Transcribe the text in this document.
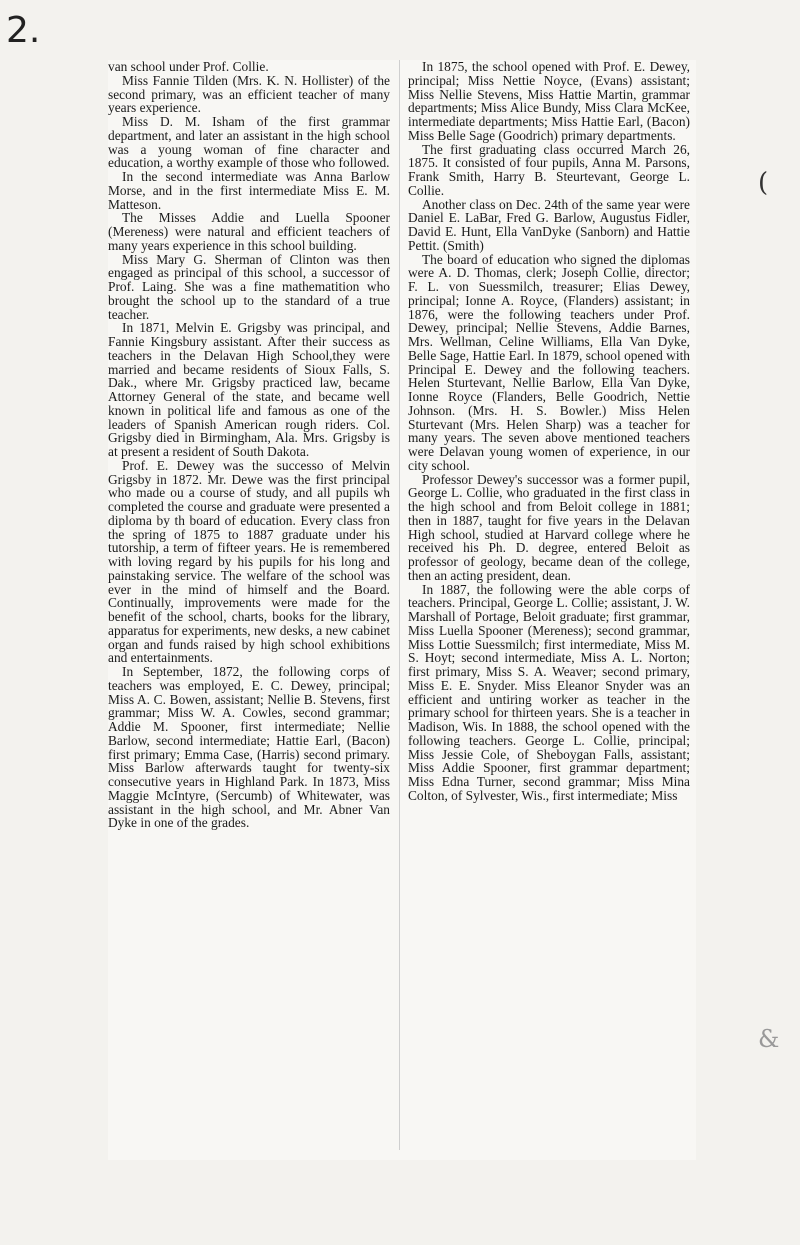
2.

van school under Prof. Collie.

Miss Fannie Tilden (Mrs. K. N. Hollister) of the second primary, was an efficient teacher of many years experience.

Miss D. M. Isham of the first grammar department, and later an assistant in the high school was a young woman of fine character and education, a worthy example of those who followed.

In the second intermediate was Anna Barlow Morse, and in the first intermediate Miss E. M. Matteson.

The Misses Addie and Luella Spooner (Mereness) were natural and efficient teachers of many years experience in this school building.

Miss Mary G. Sherman of Clinton was then engaged as principal of this school, a successor of Prof. Laing. She was a fine mathematition who brought the school up to the standard of a true teacher.

In 1871, Melvin E. Grigsby was principal, and Fannie Kingsbury assistant. After their success as teachers in the Delavan High School,they were married and became residents of Sioux Falls, S. Dak., where Mr. Grigsby practiced law, became Attorney General of the state, and became well known in political life and famous as one of the leaders of Spanish American rough riders. Col. Grigsby died in Birmingham, Ala. Mrs. Grigsby is at present a resident of South Dakota.

Prof. E. Dewey was the successo of Melvin Grigsby in 1872. Mr. Dewe was the first principal who made ou a course of study, and all pupils wh completed the course and graduate were presented a diploma by th board of education. Every class fron the spring of 1875 to 1887 graduate under his tutorship, a term of fifteer years. He is remembered with loving regard by his pupils for his long and painstaking service. The welfare of the school was ever in the mind of himself and the Board. Continually, improvements were made for the benefit of the school, charts, books for the library, apparatus for experiments, new desks, a new cabinet organ and funds raised by high school exhibitions and entertainments.

In September, 1872, the following corps of teachers was employed, E. C. Dewey, principal; Miss A. C. Bowen, assistant; Nellie B. Stevens, first grammar; Miss W. A. Cowles, second grammar; Addie M. Spooner, first intermediate; Nellie Barlow, second intermediate; Hattie Earl, (Bacon) first primary; Emma Case, (Harris) second primary. Miss Barlow afterwards taught for twenty-six consecutive years in Highland Park. In 1873, Miss Maggie McIntyre, (Sercumb) of Whitewater, was assistant in the high school, and Mr. Abner Van Dyke in one of the grades.

In 1875, the school opened with Prof. E. Dewey, principal; Miss Nettie Noyce, (Evans) assistant; Miss Nellie Stevens, Miss Hattie Martin, grammar departments; Miss Alice Bundy, Miss Clara McKee, intermediate departments; Miss Hattie Earl, (Bacon) Miss Belle Sage (Goodrich) primary departments.

The first graduating class occurred March 26, 1875. It consisted of four pupils, Anna M. Parsons, Frank Smith, Harry B. Steurtevant, George L. Collie.

Another class on Dec. 24th of the same year were Daniel E. LaBar, Fred G. Barlow, Augustus Fidler, David E. Hunt, Ella VanDyke (Sanborn) and Hattie Pettit. (Smith)

The board of education who signed the diplomas were A. D. Thomas, clerk; Joseph Collie, director; F. L. von Suessmilch, treasurer; Elias Dewey, principal; Ionne A. Royce, (Flanders) assistant; in 1876, were the following teachers under Prof. Dewey, principal; Nellie Stevens, Addie Barnes, Mrs. Wellman, Celine Williams, Ella Van Dyke, Belle Sage, Hattie Earl. In 1879, school opened with Principal E. Dewey and the following teachers. Helen Sturtevant, Nellie Barlow, Ella Van Dyke, Ionne Royce (Flanders, Belle Goodrich, Nettie Johnson. (Mrs. H. S. Bowler.) Miss Helen Sturtevant (Mrs. Helen Sharp) was a teacher for many years. The seven above mentioned teachers were Delavan young women of experience, in our city school.

Professor Dewey's successor was a former pupil, George L. Collie, who graduated in the first class in the high school and from Beloit college in 1881; then in 1887, taught for five years in the Delavan High school, studied at Harvard college where he received his Ph. D. degree, entered Beloit as professor of geology, became dean of the college, then an acting president, dean.

In 1887, the following were the able corps of teachers. Principal, George L. Collie; assistant, J. W. Marshall of Portage, Beloit graduate; first grammar, Miss Luella Spooner (Mereness); second grammar, Miss Lottie Suessmilch; first intermediate, Miss M. S. Hoyt; second intermediate, Miss A. L. Norton; first primary, Miss S. A. Weaver; second primary, Miss E. E. Snyder. Miss Eleanor Snyder was an efficient and untiring worker as teacher in the primary school for thirteen years. She is a teacher in Madison, Wis. In 1888, the school opened with the following teachers. George L. Collie, principal; Miss Jessie Cole, of Sheboygan Falls, assistant; Miss Addie Spooner, first grammar department; Miss Edna Turner, second grammar; Miss Mina Colton, of Sylvester, Wis., first intermediate; Miss

(
&
